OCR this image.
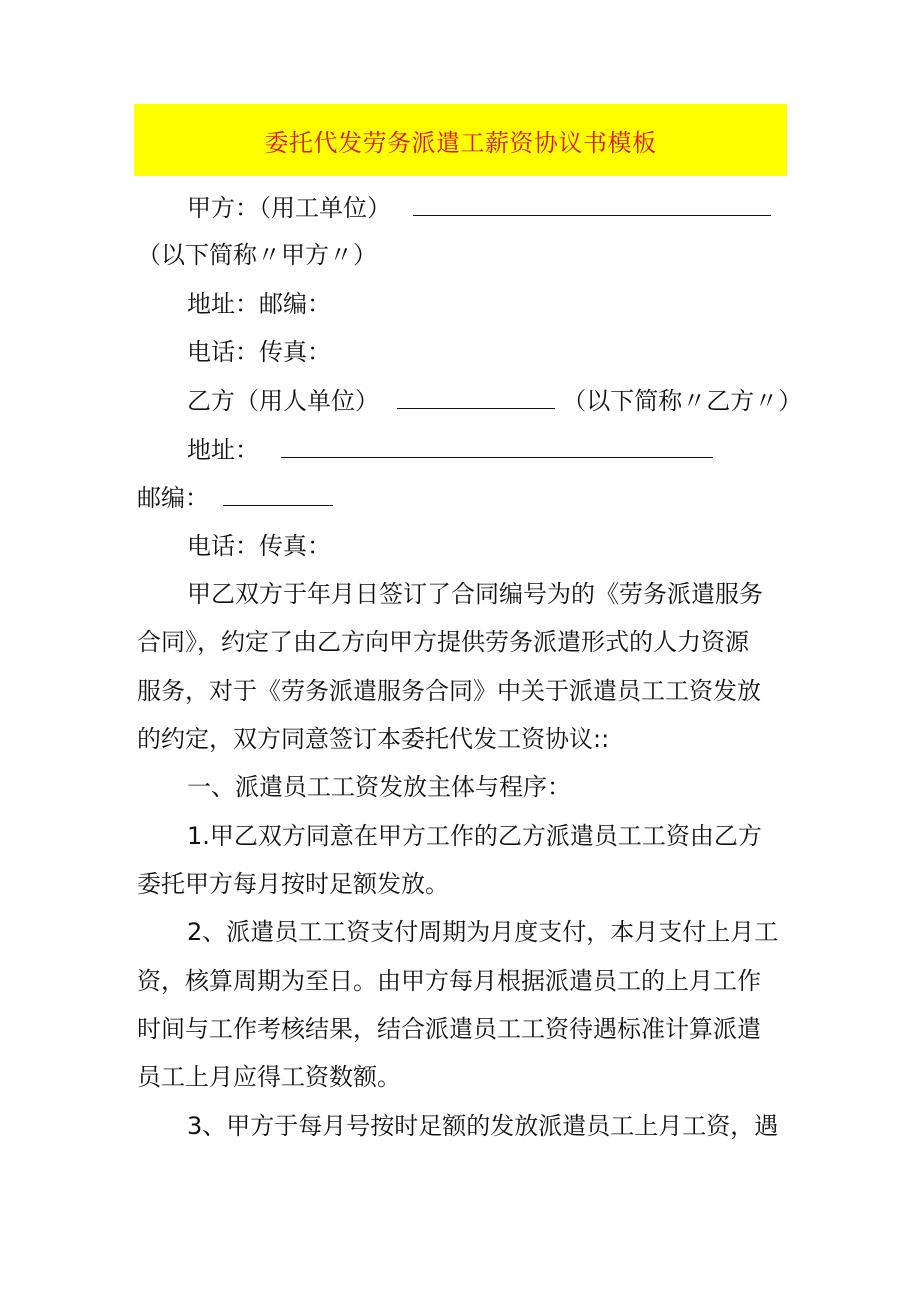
委托代发劳务派遣工薪资协议书模板
甲方：（用工单位）
（以下简称〃甲方〃）
地址：邮编：
电话：传真：
乙方（用人单位）	（以下简称〃乙方〃）
地址：
邮编：
电话：传真：
甲乙双方于年月日签订了合同编号为的《劳务派遣服务
合同》，约定了由乙方向甲方提供劳务派遣形式的人力资源
服务，对于《劳务派遣服务合同》中关于派遣员工工资发放
的约定，双方同意签订本委托代发工资协议::
一、派遣员工工资发放主体与程序：
1.甲乙双方同意在甲方工作的乙方派遣员工工资由乙方
委托甲方每月按时足额发放。
2、派遣员工工资支付周期为月度支付，本月支付上月工
资，核算周期为至日。由甲方每月根据派遣员工的上月工作
时间与工作考核结果，结合派遣员工工资待遇标准计算派遣
员工上月应得工资数额。
3、甲方于每月号按时足额的发放派遣员工上月工资，遇
